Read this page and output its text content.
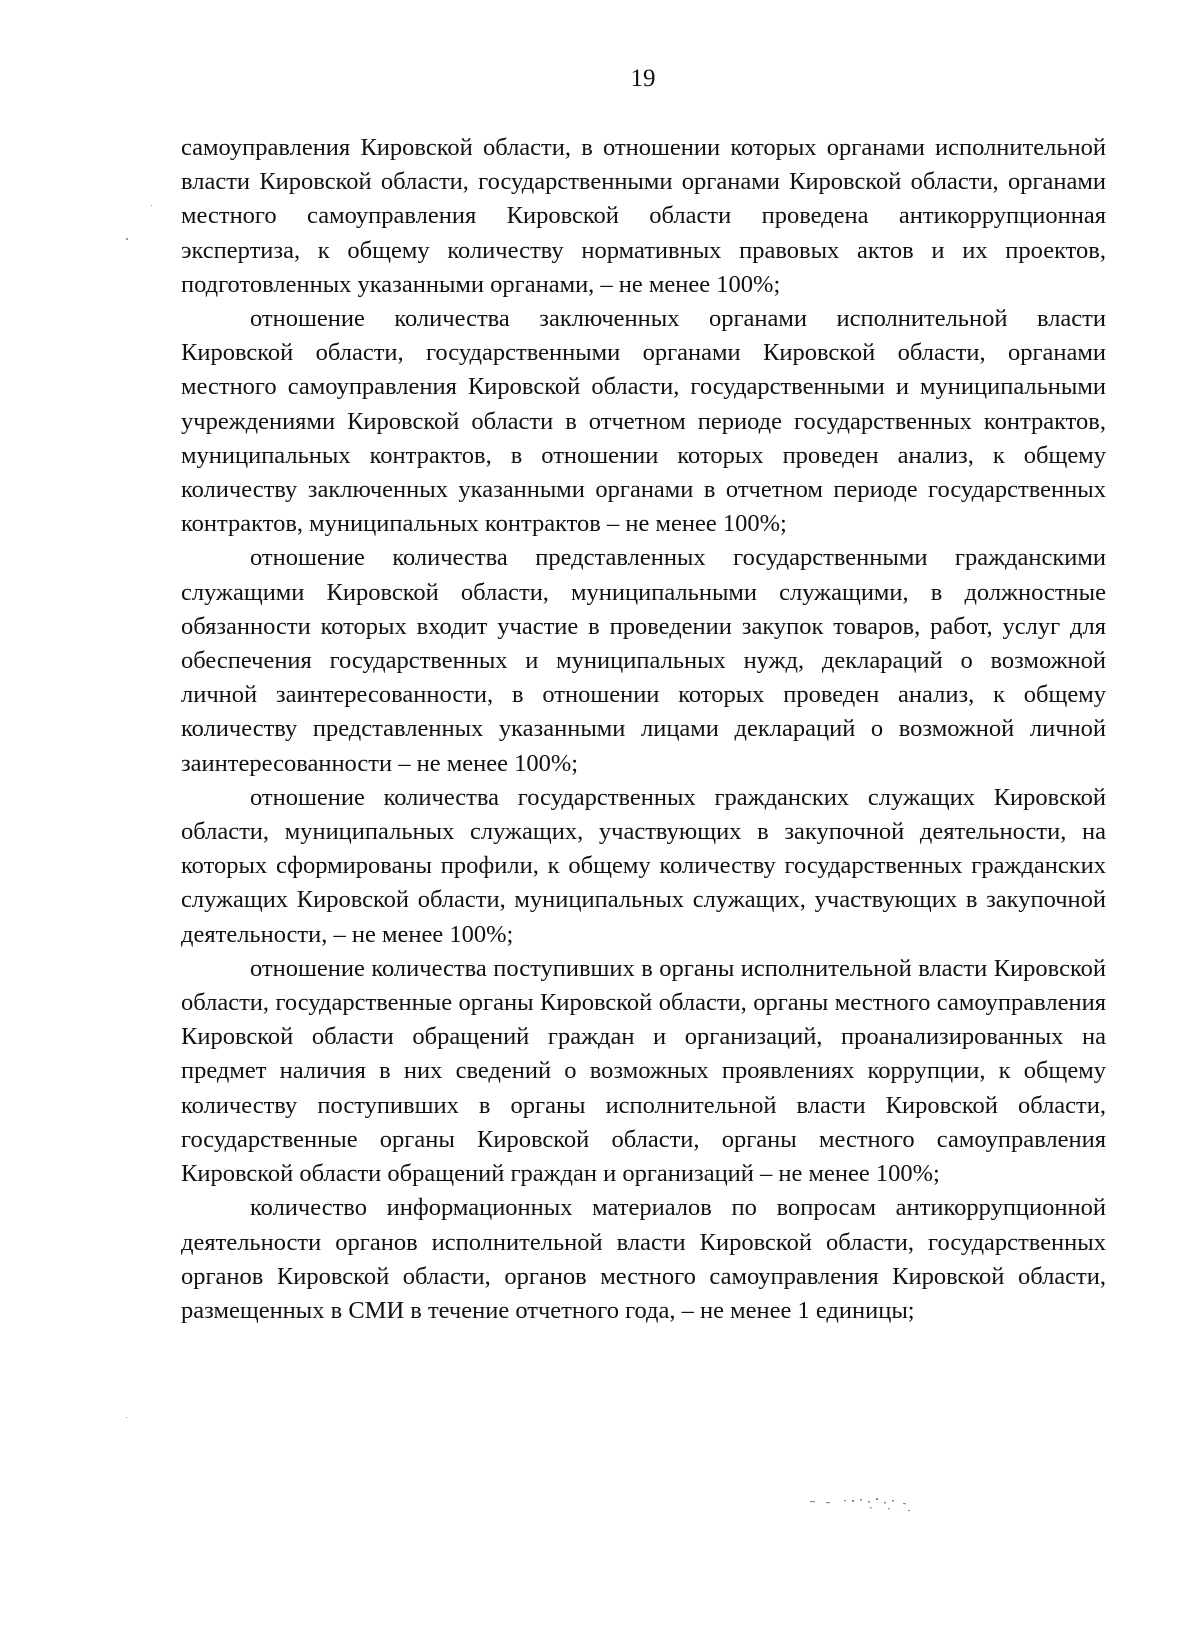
19

самоуправления Кировской области, в отношении которых органами исполнительной власти Кировской области, государственными органами Кировской области, органами местного самоуправления Кировской области проведена антикоррупционная экспертиза, к общему количеству нормативных правовых актов и их проектов, подготовленных указанными органами, – не менее 100%;

отношение количества заключенных органами исполнительной власти Кировской области, государственными органами Кировской области, органами местного самоуправления Кировской области, государственными и муниципальными учреждениями Кировской области в отчетном периоде государственных контрактов, муниципальных контрактов, в отношении которых проведен анализ, к общему количеству заключенных указанными органами в отчетном периоде государственных контрактов, муниципальных контрактов – не менее 100%;

отношение количества представленных государственными гражданскими служащими Кировской области, муниципальными служащими, в должностные обязанности которых входит участие в проведении закупок товаров, работ, услуг для обеспечения государственных и муниципальных нужд, деклараций о возможной личной заинтересованности, в отношении которых проведен анализ, к общему количеству представленных указанными лицами деклараций о возможной личной заинтересованности – не менее 100%;

отношение количества государственных гражданских служащих Кировской области, муниципальных служащих, участвующих в закупочной деятельности, на которых сформированы профили, к общему количеству государственных гражданских служащих Кировской области, муниципальных служащих, участвующих в закупочной деятельности, – не менее 100%;

отношение количества поступивших в органы исполнительной власти Кировской области, государственные органы Кировской области, органы местного самоуправления Кировской области обращений граждан и организаций, проанализированных на предмет наличия в них сведений о возможных проявлениях коррупции, к общему количеству поступивших в органы исполнительной власти Кировской области, государственные органы Кировской области, органы местного самоуправления Кировской области обращений граждан и организаций – не менее 100%;

количество информационных материалов по вопросам антикоррупционной деятельности органов исполнительной власти Кировской области, государственных органов Кировской области, органов местного самоуправления Кировской области, размещенных в СМИ в течение отчетного года, – не менее 1 единицы;
